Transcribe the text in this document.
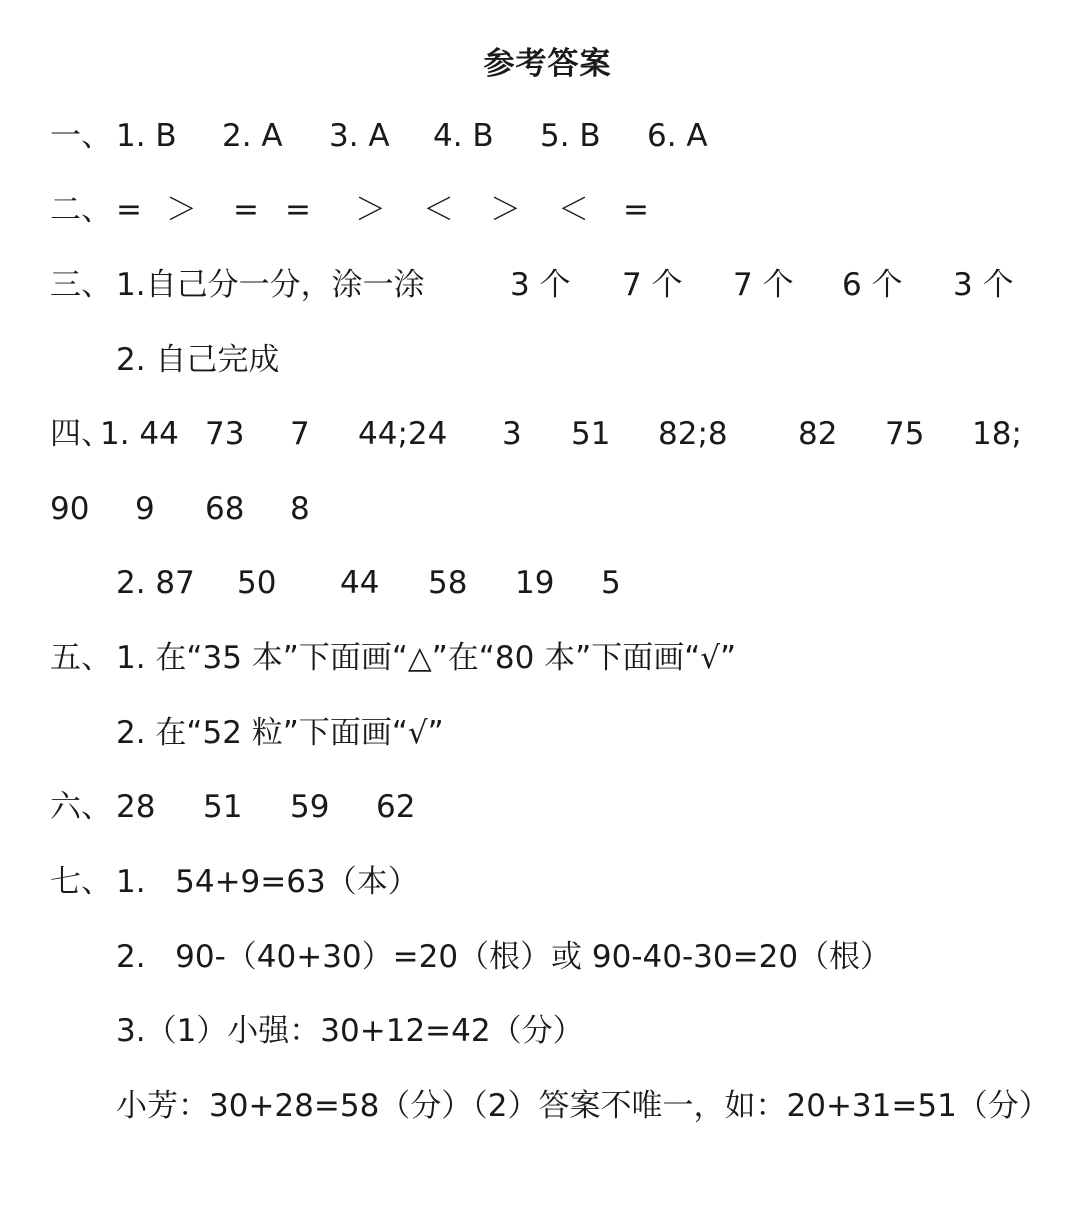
参考答案

一、

1. B

2. A

3. A

4. B

5. B

6. A

二、

=

＞

=

=

＞

＜

＞

＜

=

三、

1.自己分一分，涂一涂

	3 个

7 个

7 个

6 个

3 个

2. 自己完成

四、

1. 44

73

7

44;24

3

51

82;8

82

75

18;

90

9

68

8

2. 87

50

44

58

19

5

五、

1. 在“35 本”下面画“△”在“80 本”下面画“√”

2. 在“52 粒”下面画“√”

六、

28

51

59

62

七、

1.   54+9=63（本）

2.   90-（40+30）=20（根）或 90-40-30=20（根）

3.（1）小强：30+12=42（分）

小芳：30+28=58（分）（2）答案不唯一，如：20+31=51（分）
